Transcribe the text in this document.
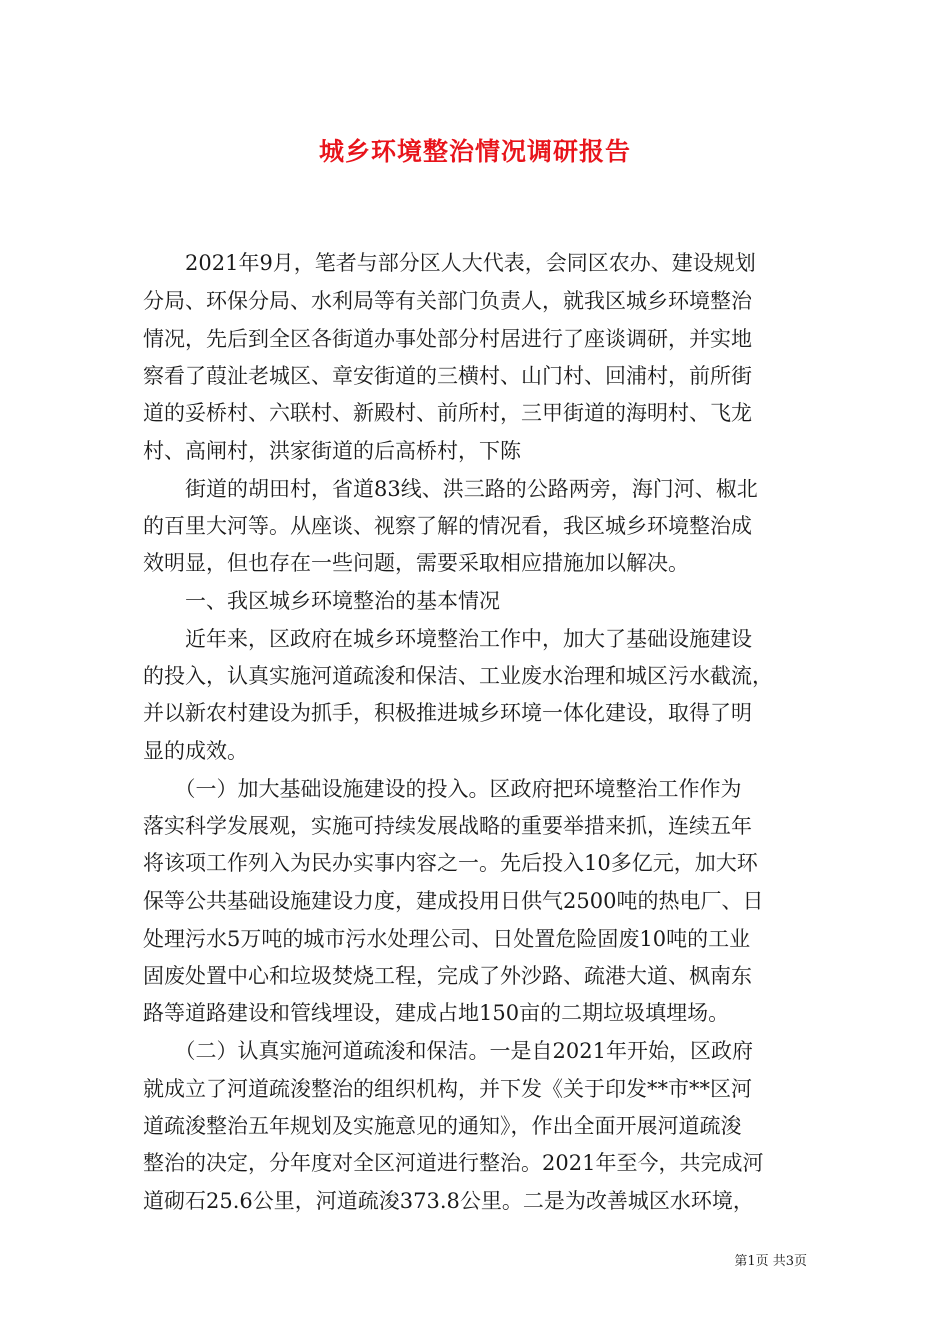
城乡环境整治情况调研报告
　　2021年9月，笔者与部分区人大代表，会同区农办、建设规划
分局、环保分局、水利局等有关部门负责人，就我区城乡环境整治
情况，先后到全区各街道办事处部分村居进行了座谈调研，并实地
察看了葭沚老城区、章安街道的三横村、山门村、回浦村，前所街
道的妥桥村、六联村、新殿村、前所村，三甲街道的海明村、飞龙
村、高闸村，洪家街道的后高桥村，下陈
　　街道的胡田村，省道83线、洪三路的公路两旁，海门河、椒北
的百里大河等。从座谈、视察了解的情况看，我区城乡环境整治成
效明显，但也存在一些问题，需要采取相应措施加以解决。
　　一、我区城乡环境整治的基本情况
　　近年来，区政府在城乡环境整治工作中，加大了基础设施建设
的投入，认真实施河道疏浚和保洁、工业废水治理和城区污水截流，
并以新农村建设为抓手，积极推进城乡环境一体化建设，取得了明
显的成效。
　　（一）加大基础设施建设的投入。区政府把环境整治工作作为
落实科学发展观，实施可持续发展战略的重要举措来抓，连续五年
将该项工作列入为民办实事内容之一。先后投入10多亿元，加大环
保等公共基础设施建设力度，建成投用日供气2500吨的热电厂、日
处理污水5万吨的城市污水处理公司、日处置危险固废10吨的工业
固废处置中心和垃圾焚烧工程，完成了外沙路、疏港大道、枫南东
路等道路建设和管线埋设，建成占地150亩的二期垃圾填埋场。
　　（二）认真实施河道疏浚和保洁。一是自2021年开始，区政府
就成立了河道疏浚整治的组织机构，并下发《关于印发**市**区河
道疏浚整治五年规划及实施意见的通知》，作出全面开展河道疏浚
整治的决定，分年度对全区河道进行整治。2021年至今，共完成河
道砌石25.6公里，河道疏浚373.8公里。二是为改善城区水环境，
第1页 共3页
